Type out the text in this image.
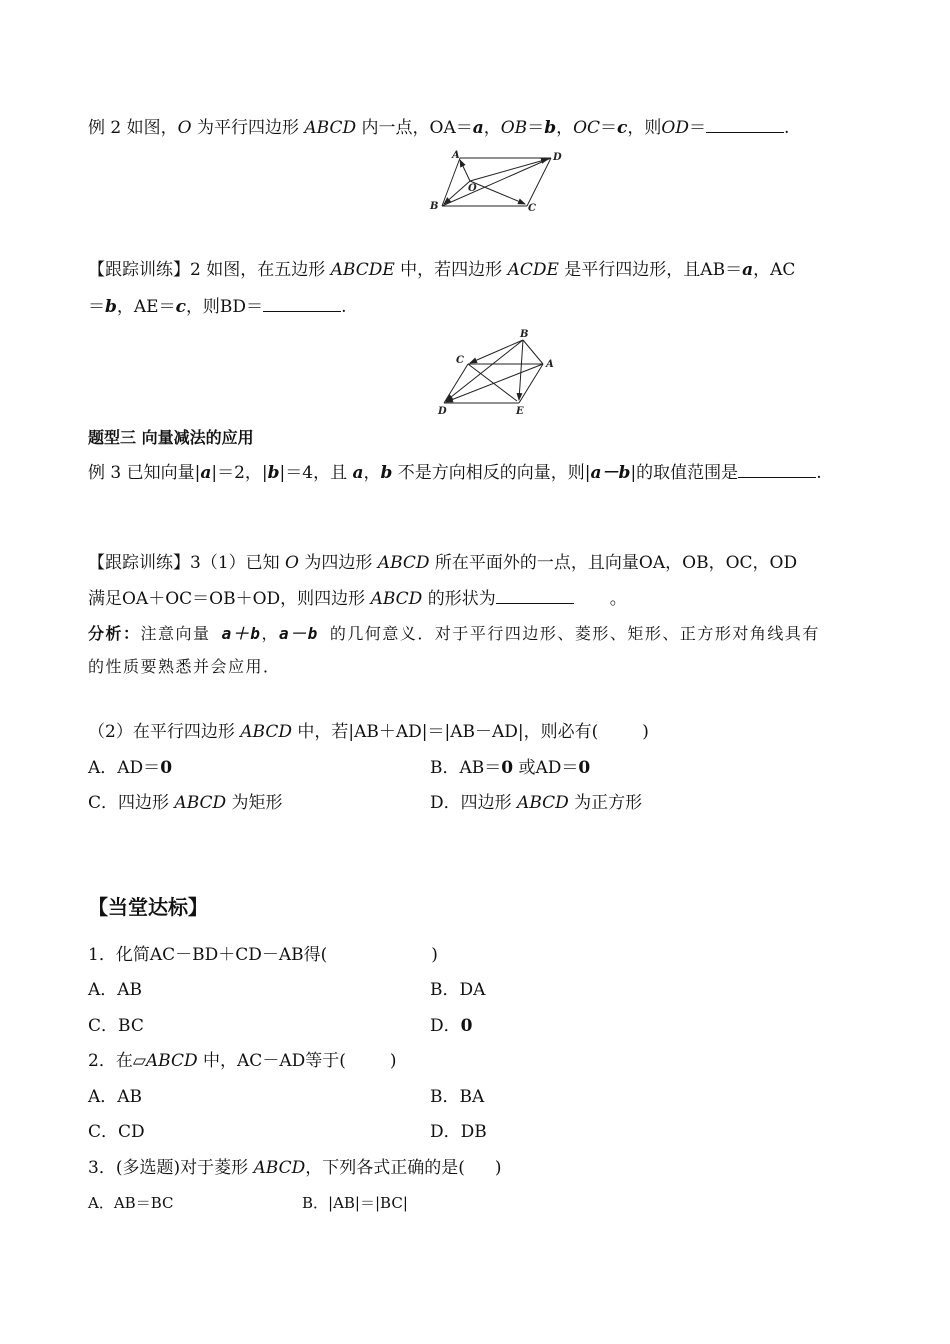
例 2 如图，O 为平行四边形 ABCD 内一点，OA＝a，OB＝b，OC＝c，则OD＝	.
A	D
B	C
O
【跟踪训练】2 如图，在五边形 ABCDE 中，若四边形 ACDE 是平行四边形，且AB＝a，AC
＝b，AE＝c，则BD＝	.
B
C	A
D	E
题型三 向量减法的应用
例 3 已知向量|a|＝2，|b|＝4，且 a，b 不是方向相反的向量，则|a－b|的取值范围是	.
【跟踪训练】3（1）已知 O 为四边形 ABCD 所在平面外的一点，且向量OA，OB，OC，OD
满足OA＋OC＝OB＋OD，则四边形 ABCD 的形状为	。
分析：注意向量 a＋b，a－b 的几何意义．对于平行四边形、菱形、矩形、正方形对角线具有
的性质要熟悉并会应用．
（2）在平行四边形 ABCD 中，若|AB＋AD|＝|AB－AD|，则必有(	)
A．AD＝0	B．AB＝0 或AD＝0
C．四边形 ABCD 为矩形	D．四边形 ABCD 为正方形
【当堂达标】
1．化简AC－BD＋CD－AB得(	)
A．AB	B．DA
C．BC	D．0
2．在▱ABCD 中，AC－AD等于(	)
A．AB	B．BA
C．CD	D．DB
3．(多选题)对于菱形 ABCD，下列各式正确的是( )
A．AB＝BC	B．|AB|＝|BC|
